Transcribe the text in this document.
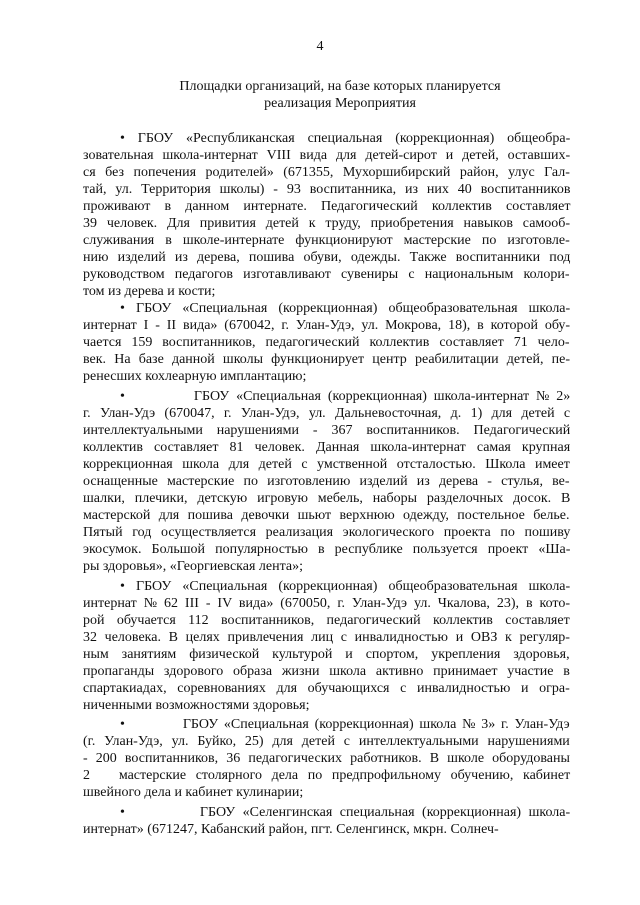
4
Площадки организаций, на базе которых планируется
реализация Мероприятия
• ГБОУ «Республиканская специальная (коррекционная) общеобра-
зовательная школа-интернат VIII вида для детей-сирот и детей, оставших-
ся без попечения родителей» (671355, Мухоршибирский район, улус Гал-
тай, ул. Территория школы) - 93 воспитанника, из них 40 воспитанников
проживают в данном интернате. Педагогический коллектив составляет
39 человек. Для привития детей к труду, приобретения навыков самооб-
служивания в школе-интернате функционируют мастерские по изготовле-
нию изделий из дерева, пошива обуви, одежды. Также воспитанники под
руководством педагогов изготавливают сувениры с национальным колори-
том из дерева и кости;
• ГБОУ «Специальная (коррекционная) общеобразовательная школа-
интернат I - II вида» (670042, г. Улан-Удэ, ул. Мокрова, 18), в которой обу-
чается 159 воспитанников, педагогический коллектив составляет 71 чело-
век. На базе данной школы функционирует центр реабилитации детей, пе-
ренесших кохлеарную имплантацию;
•          ГБОУ «Специальная (коррекционная) школа-интернат № 2»
г. Улан-Удэ (670047, г. Улан-Удэ, ул. Дальневосточная, д. 1) для детей с
интеллектуальными нарушениями - 367 воспитанников. Педагогический
коллектив составляет 81 человек. Данная школа-интернат самая крупная
коррекционная школа для детей с умственной отсталостью. Школа имеет
оснащенные мастерские по изготовлению изделий из дерева - стулья, ве-
шалки, плечики, детскую игровую мебель, наборы разделочных досок. В
мастерской для пошива девочки шьют верхнюю одежду, постельное белье.
Пятый год осуществляется реализация экологического проекта по пошиву
экосумок. Большой популярностью в республике пользуется проект «Ша-
ры здоровья», «Георгиевская лента»;
• ГБОУ «Специальная (коррекционная) общеобразовательная школа-
интернат № 62 III - IV вида» (670050, г. Улан-Удэ ул. Чкалова, 23), в кото-
рой обучается 112 воспитанников, педагогический коллектив составляет
32 человека. В целях привлечения лиц с инвалидностью и ОВЗ к регуляр-
ным занятиям физической культурой и спортом, укрепления здоровья,
пропаганды здорового образа жизни школа активно принимает участие в
спартакиадах, соревнованиях для обучающихся с инвалидностью и огра-
ниченными возможностями здоровья;
•          ГБОУ «Специальная (коррекционная) школа № 3» г. Улан-Удэ
(г. Улан-Удэ, ул. Буйко, 25) для детей с интеллектуальными нарушениями
- 200 воспитанников, 36 педагогических работников. В школе оборудованы
2   мастерские столярного дела по предпрофильному обучению, кабинет
швейного дела и кабинет кулинарии;
•          ГБОУ «Селенгинская специальная (коррекционная) школа-
интернат» (671247, Кабанский район, пгт. Селенгинск, мкрн. Солнеч-
